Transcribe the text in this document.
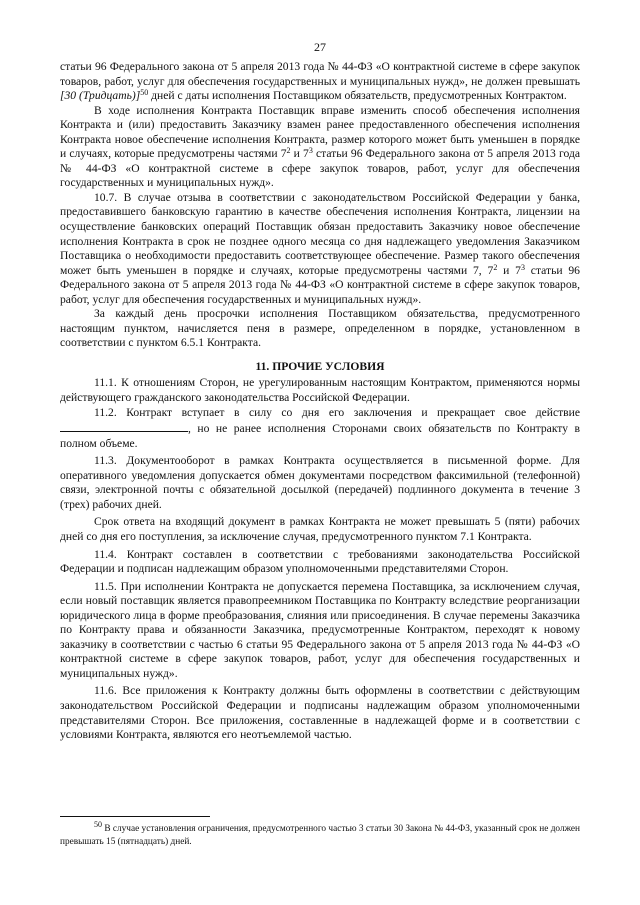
27

статьи 96 Федерального закона от 5 апреля 2013 года № 44-ФЗ «О контрактной системе в сфере закупок товаров, работ, услуг для обеспечения государственных и муниципальных нужд», не должен превышать [30 (Тридцать)]$^{50}$ дней с даты исполнения Поставщиком обязательств, предусмотренных Контрактом.

В ходе исполнения Контракта Поставщик вправе изменить способ обеспечения исполнения Контракта и (или) предоставить Заказчику взамен ранее предоставленного обеспечения исполнения Контракта новое обеспечение исполнения Контракта, размер которого может быть уменьшен в порядке и случаях, которые предусмотрены частями $7^2$ и $7^3$ статьи 96 Федерального закона от 5 апреля 2013 года № 44-ФЗ «О контрактной системе в сфере закупок товаров, работ, услуг для обеспечения государственных и муниципальных нужд».

10.7. В случае отзыва в соответствии с законодательством Российской Федерации у банка, предоставившего банковскую гарантию в качестве обеспечения исполнения Контракта, лицензии на осуществление банковских операций Поставщик обязан предоставить Заказчику новое обеспечение исполнения Контракта в срок не позднее одного месяца со дня надлежащего уведомления Заказчиком Поставщика о необходимости предоставить соответствующее обеспечение. Размер такого обеспечения может быть уменьшен в порядке и случаях, которые предусмотрены частями 7, $7^2$ и $7^3$ статьи 96 Федерального закона от 5 апреля 2013 года № 44-ФЗ «О контрактной системе в сфере закупок товаров, работ, услуг для обеспечения государственных и муниципальных нужд».

За каждый день просрочки исполнения Поставщиком обязательства, предусмотренного настоящим пунктом, начисляется пеня в размере, определенном в порядке, установленном в соответствии с пунктом 6.5.1 Контракта.

11. ПРОЧИЕ УСЛОВИЯ

11.1. К отношениям Сторон, не урегулированным настоящим Контрактом, применяются нормы действующего гражданского законодательства Российской Федерации.

11.2. Контракт вступает в силу со дня его заключения и прекращает свое действие , но не ранее исполнения Сторонами своих обязательств по Контракту в полном объеме.

11.3. Документооборот в рамках Контракта осуществляется в письменной форме. Для оперативного уведомления допускается обмен документами посредством факсимильной (телефонной) связи, электронной почты с обязательной досылкой (передачей) подлинного документа в течение 3 (трех) рабочих дней.

Срок ответа на входящий документ в рамках Контракта не может превышать 5 (пяти) рабочих дней со дня его поступления, за исключение случая, предусмотренного пунктом 7.1 Контракта.

11.4. Контракт составлен в соответствии с требованиями законодательства Российской Федерации и подписан надлежащим образом уполномоченными представителями Сторон.

11.5. При исполнении Контракта не допускается перемена Поставщика, за исключением случая, если новый поставщик является правопреемником Поставщика по Контракту вследствие реорганизации юридического лица в форме преобразования, слияния или присоединения. В случае перемены Заказчика по Контракту права и обязанности Заказчика, предусмотренные Контрактом, переходят к новому заказчику в соответствии с частью 6 статьи 95 Федерального закона от 5 апреля 2013 года № 44-ФЗ «О контрактной системе в сфере закупок товаров, работ, услуг для обеспечения государственных и муниципальных нужд».

11.6. Все приложения к Контракту должны быть оформлены в соответствии с действующим законодательством Российской Федерации и подписаны надлежащим образом уполномоченными представителями Сторон. Все приложения, составленные в надлежащей форме и в соответствии с условиями Контракта, являются его неотъемлемой частью.

$^{50}$ В случае установления ограничения, предусмотренного частью 3 статьи 30 Закона № 44-ФЗ, указанный срок не должен превышать 15 (пятнадцать) дней.
